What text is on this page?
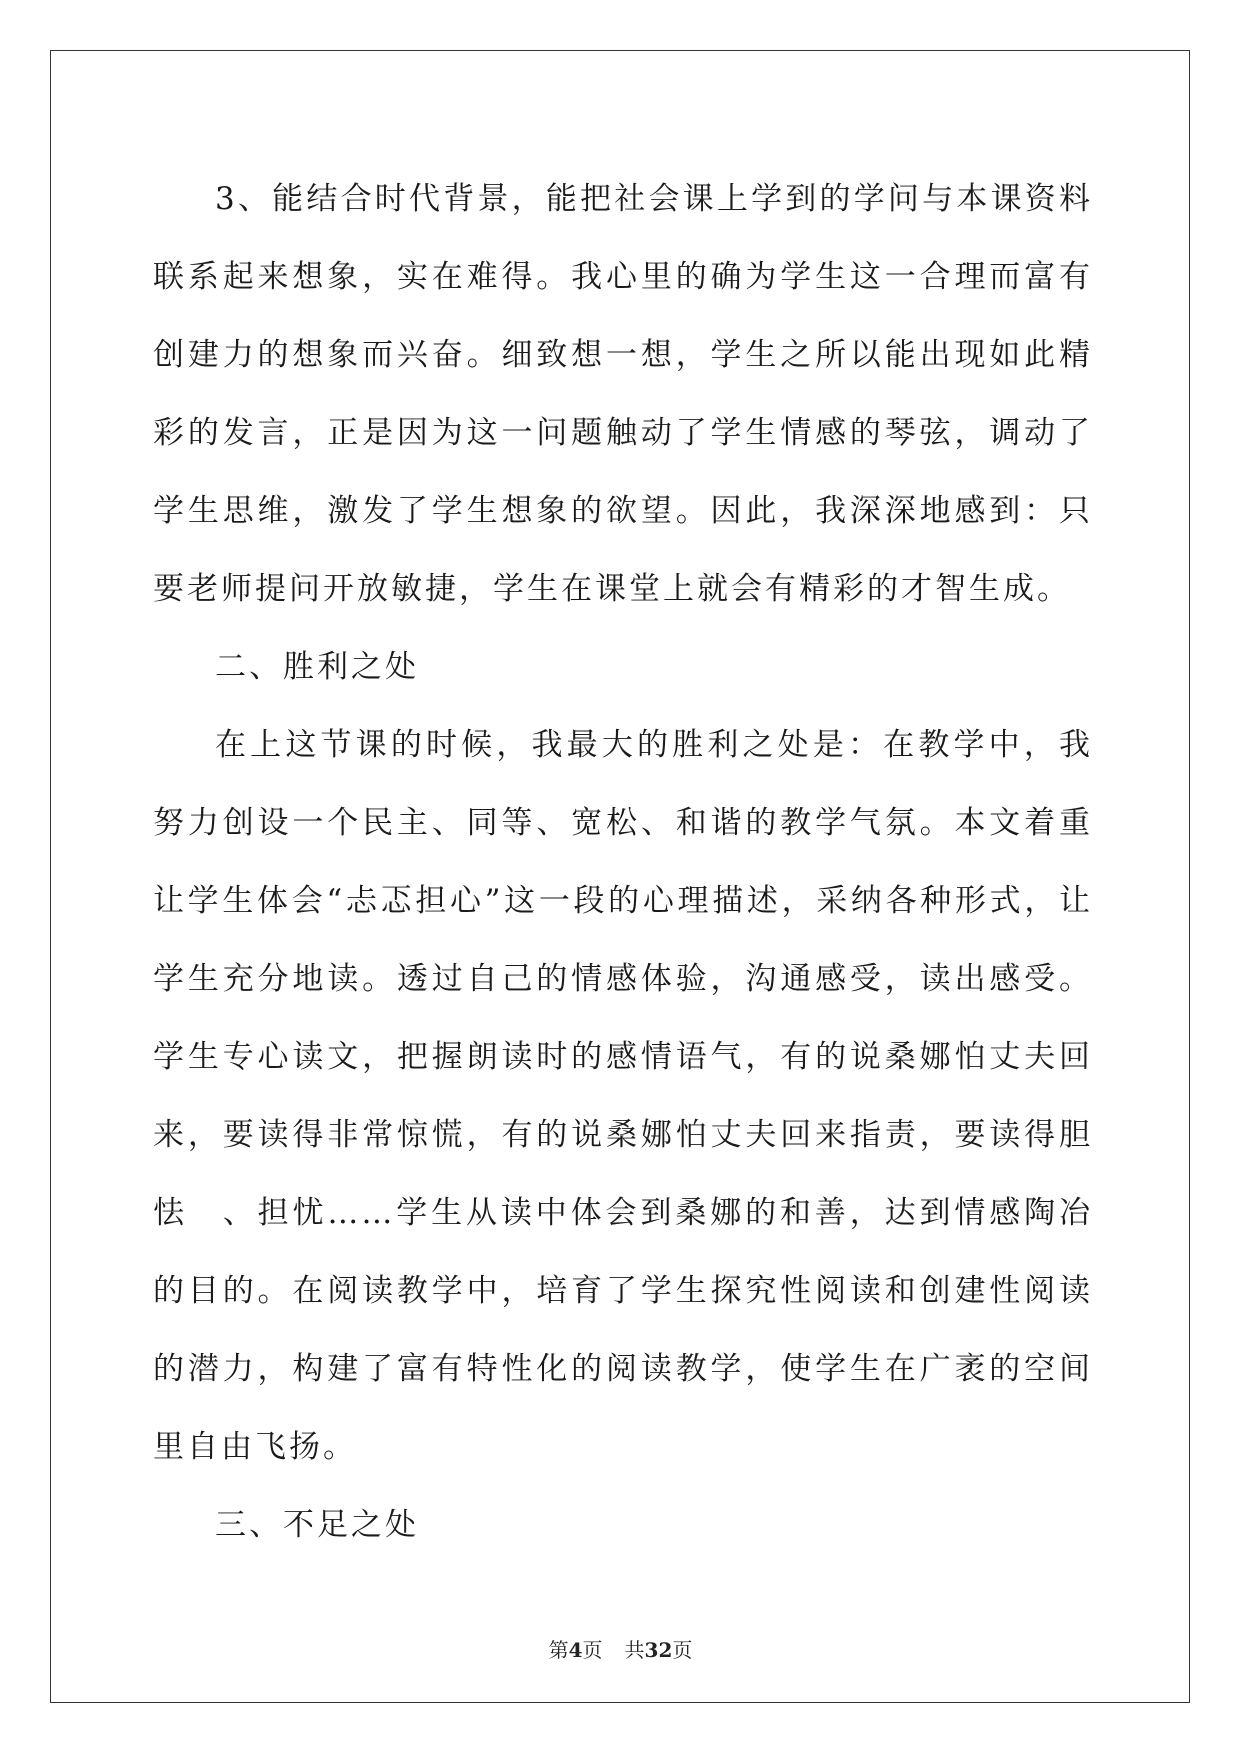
3、能结合时代背景，能把社会课上学到的学问与本课资料联系起来想象，实在难得。我心里的确为学生这一合理而富有创建力的想象而兴奋。细致想一想，学生之所以能出现如此精彩的发言，正是因为这一问题触动了学生情感的琴弦，调动了学生思维，激发了学生想象的欲望。因此，我深深地感到：只要老师提问开放敏捷，学生在课堂上就会有精彩的才智生成。

二、胜利之处

在上这节课的时候，我最大的胜利之处是：在教学中，我努力创设一个民主、同等、宽松、和谐的教学气氛。本文着重让学生体会“忐忑担心”这一段的心理描述，采纳各种形式，让学生充分地读。透过自己的情感体验，沟通感受，读出感受。学生专心读文，把握朗读时的感情语气，有的说桑娜怕丈夫回来，要读得非常惊慌，有的说桑娜怕丈夫回来指责，要读得胆怯　、担忧……学生从读中体会到桑娜的和善，达到情感陶冶的目的。在阅读教学中，培育了学生探究性阅读和创建性阅读的潜力，构建了富有特性化的阅读教学，使学生在广袤的空间里自由飞扬。

三、不足之处

第4页 共32页
